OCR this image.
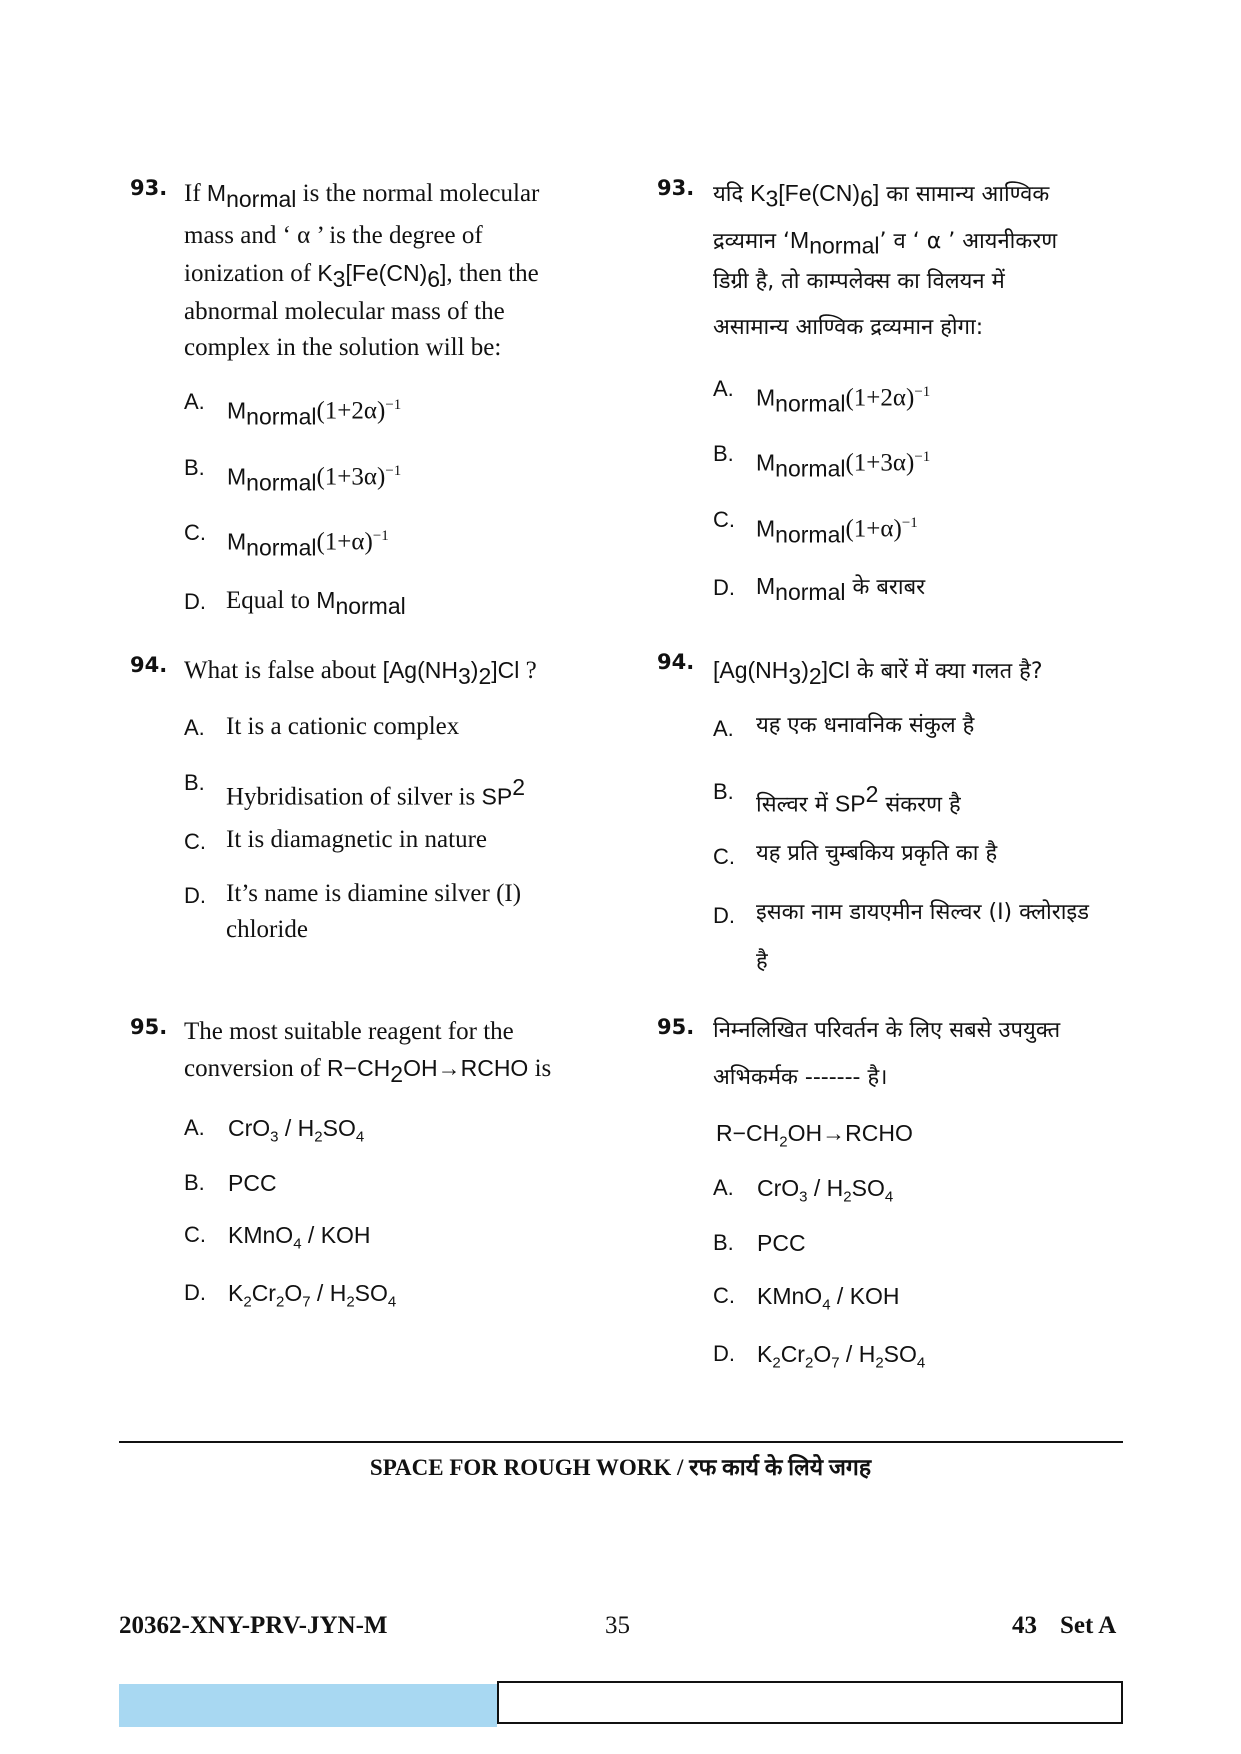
93. If $M_{normal}$ is the normal molecular
mass and ‘ α ’ is the degree of
ionization of $K_3[Fe(CN)_6]$, then the
abnormal molecular mass of the
complex in the solution will be:
A. $M_{normal}(1+2\alpha)^{-1}$
B. $M_{normal}(1+3\alpha)^{-1}$
C. $M_{normal}(1+\alpha)^{-1}$
D. Equal to $M_{normal}$
94. What is false about $[Ag(NH_3)_2]Cl$ ?
A. It is a cationic complex
B.
Hybridisation of silver is $SP^2$
C. It is diamagnetic in nature
D. It’s name is diamine silver (I)
chloride
95. The most suitable reagent for the
conversion of $R-CH_2OH\to RCHO$ is
A. $CrO_3 / H_2SO_4$
B. PCC
C. KMnO$_4$ / KOH
D. $K_2Cr_2O_7 / H_2SO_4$
93. यदि $K_3[Fe(CN)_6]$ का सामान्य आण्विक
द्रव्यमान ‘$M_{normal}$’ व ‘ α ’ आयनीकरण
डिग्री है, तो काम्पलेक्स का विलयन में
असामान्य आण्विक द्रव्यमान होगा:
A. $M_{normal}(1+2\alpha)^{-1}$
B. $M_{normal}(1+3\alpha)^{-1}$
C. $M_{normal}(1+\alpha)^{-1}$
D. $M_{normal}$ के बराबर
94. $[Ag(NH_3)_2]Cl$ के बारें में क्या गलत है?
A. यह एक धनावनिक संकुल है
B.
सिल्वर में $SP^2$ संकरण है
C. यह प्रति चुम्बकिय प्रकृति का है
D. इसका नाम डायएमीन सिल्वर (I) क्लोराइड
है
95. निम्नलिखित परिवर्तन के लिए सबसे उपयुक्त
अभिकर्मक ------- है।
$R-CH_2OH\to RCHO$
A. $CrO_3 / H_2SO_4$
B. PCC
C. KMnO$_4$ / KOH
D. $K_2Cr_2O_7 / H_2SO_4$
SPACE FOR ROUGH WORK / रफ कार्य के लिये जगह
20362-XNY-PRV-JYN-M	35	43 Set A
